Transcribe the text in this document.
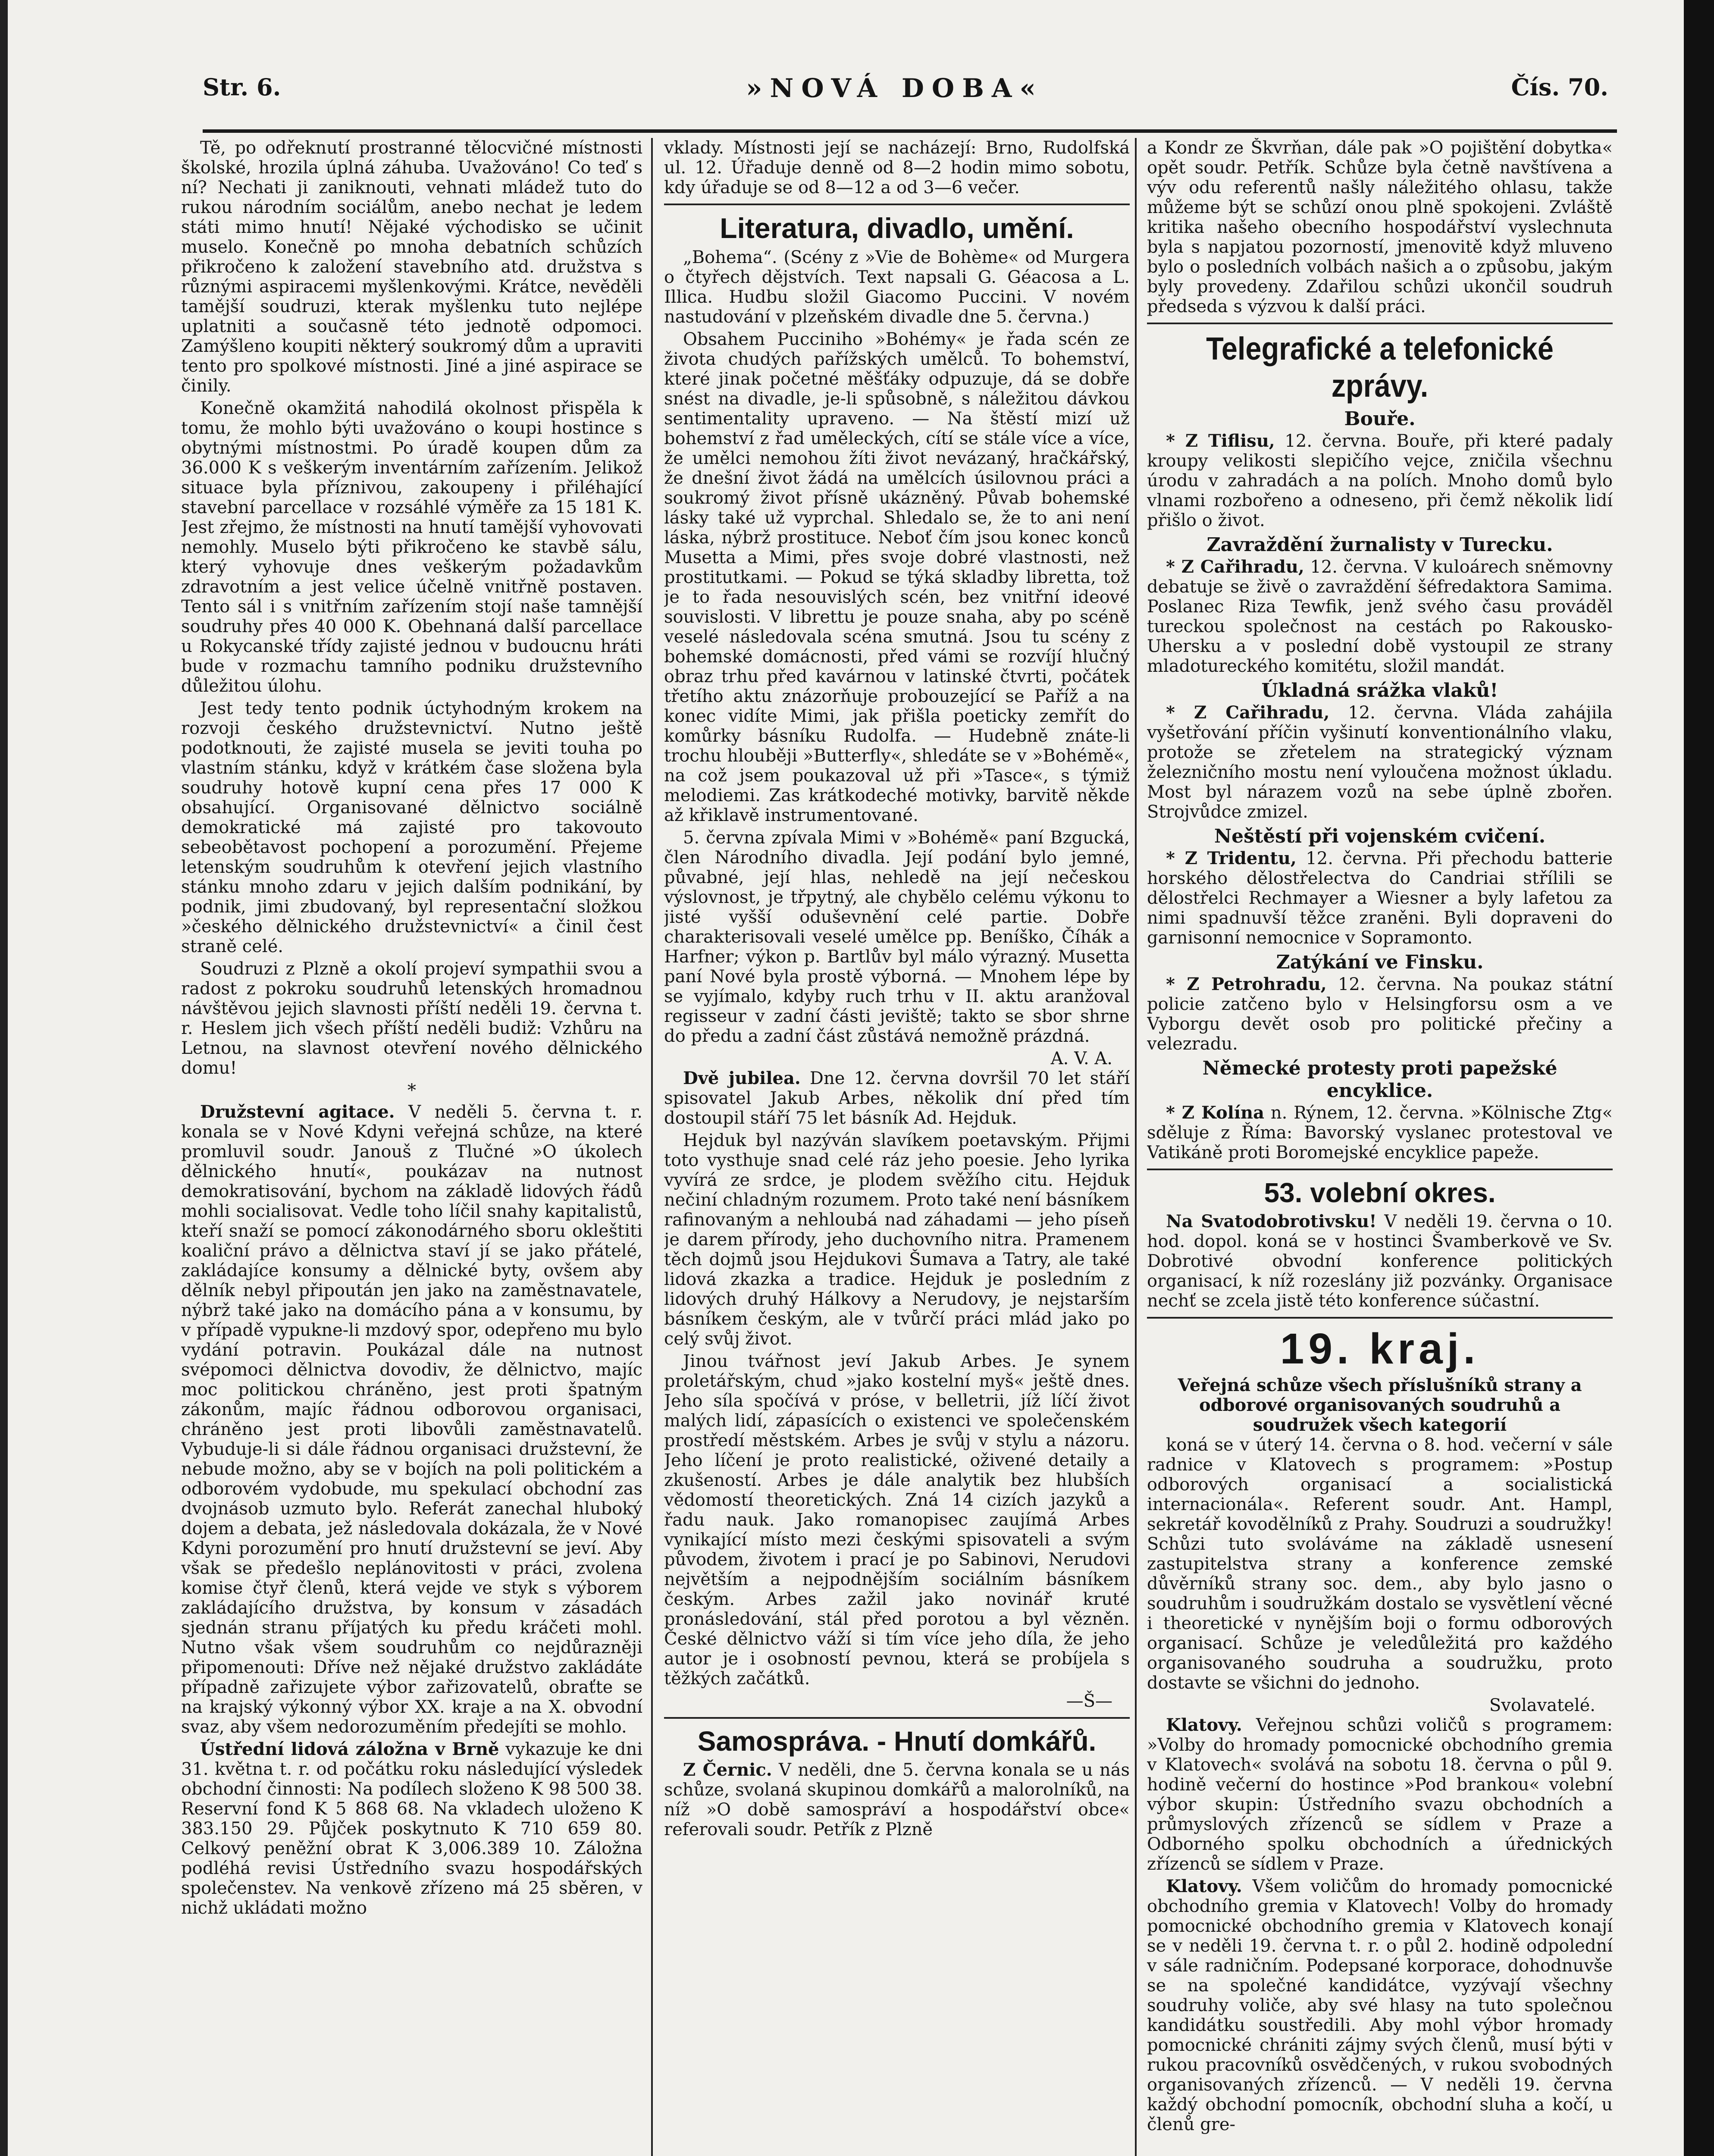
Str. 6.	»NOVÁ DOBA«	Čís. 70.

Tě, po odřeknutí prostranné tělocvičné místnosti školské, hrozila úplná záhuba. Uvažováno! Co teď s ní? Nechati ji zaniknouti, vehnati mládež tuto do rukou národním sociálům, anebo nechat je ledem státi mimo hnutí! Nějaké východisko se učinit muselo. Konečně po mnoha debatních schůzích přikročeno k založení stavebního atd. družstva s různými aspiracemi myšlenkovými. Krátce, nevěděli tamější soudruzi, kterak myšlenku tuto nejlépe uplatniti a současně této jednotě odpomoci. Zamýšleno koupiti některý soukromý dům a upraviti tento pro spolkové místnosti. Jiné a jiné aspirace se činily.

Konečně okamžitá nahodilá okolnost přispěla k tomu, že mohlo býti uvažováno o koupi hostince s obytnými místnostmi. Po úradě koupen dům za 36.000 K s veškerým inventárním zařízením. Jelikož situace byla příznivou, zakoupeny i přiléhající stavební parcellace v rozsáhlé výměře za 15 181 K. Jest zřejmo, že místnosti na hnutí tamější vyhovovati nemohly. Muselo býti přikročeno ke stavbě sálu, který vyhovuje dnes veškerým požadavkům zdravotním a jest velice účelně vnitřně postaven. Tento sál i s vnitřním zařízením stojí naše tamnější soudruhy přes 40 000 K. Obehnaná další parcellace u Rokycanské třídy zajisté jednou v budoucnu hráti bude v rozmachu tamního podniku družstevního důležitou úlohu.

Jest tedy tento podnik úctyhodným krokem na rozvoji českého družstevnictví. Nutno ještě podotknouti, že zajisté musela se jeviti touha po vlastním stánku, když v krátkém čase složena byla soudruhy hotově kupní cena přes 17 000 K obsahující. Organisované dělnictvo sociálně demokratické má zajisté pro takovouto sebeobětavost pochopení a porozumění. Přejeme letenským soudruhům k otevření jejich vlastního stánku mnoho zdaru v jejich dalším podnikání, by podnik, jimi zbudovaný, byl representační složkou »českého dělnického družstevnictví« a činil čest straně celé.

Soudruzi z Plzně a okolí projeví sympathii svou a radost z pokroku soudruhů letenských hromadnou návštěvou jejich slavnosti příští neděli 19. června t. r. Heslem jich všech příští neděli budiž: Vzhůru na Letnou, na slavnost otevření nového dělnického domu!

*

Družstevní agitace. V neděli 5. června t. r. konala se v Nové Kdyni veřejná schůze, na které promluvil soudr. Janouš z Tlučné »O úkolech dělnického hnutí«, poukázav na nutnost demokratisování, bychom na základě lidových řádů mohli socialisovat. Vedle toho líčil snahy kapitalistů, kteří snaží se pomocí zákonodárného sboru okleštiti koaliční právo a dělnictva staví jí se jako přátelé, zakládajíce konsumy a dělnické byty, ovšem aby dělník nebyl připoután jen jako na zaměstnavatele, nýbrž také jako na domácího pána a v konsumu, by v případě vypukne-li mzdový spor, odepřeno mu bylo vydání potravin. Poukázal dále na nutnost svépomoci dělnictva dovodiv, že dělnictvo, majíc moc politickou chráněno, jest proti špatným zákonům, majíc řádnou odborovou organisaci, chráněno jest proti libovůli zaměstnavatelů. Vybuduje-li si dále řádnou organisaci družstevní, že nebude možno, aby se v bojích na poli politickém a odborovém vydobude, mu spekulací obchodní zas dvojnásob uzmuto bylo. Referát zanechal hluboký dojem a debata, jež následovala dokázala, že v Nové Kdyni porozumění pro hnutí družstevní se jeví. Aby však se předešlo neplánovitosti v práci, zvolena komise čtyř členů, která vejde ve styk s výborem zakládajícího družstva, by konsum v zásadách sjednán stranu příjatých ku předu kráčeti mohl. Nutno však všem soudruhům co nejdůrazněji připomenouti: Dříve než nějaké družstvo zakládáte případně zařizujete výbor zařizovatelů, obraťte se na krajský výkonný výbor XX. kraje a na X. obvodní svaz, aby všem nedorozuměním předejíti se mohlo.

Ústřední lidová záložna v Brně vykazuje ke dni 31. května t. r. od počátku roku následující výsledek obchodní činnosti: Na podílech složeno K 98 500 38. Reservní fond K 5 868 68. Na vkladech uloženo K 383.150 29. Půjček poskytnuto K 710 659 80. Celkový peněžní obrat K 3,006.389 10. Záložna podléhá revisi Ústředního svazu hospodářských společenstev. Na venkově zřízeno má 25 sběren, v nichž ukládati možno

vklady. Místnosti její se nacházejí: Brno, Rudolfská ul. 12. Úřaduje denně od 8—2 hodin mimo sobotu, kdy úřaduje se od 8—12 a od 3—6 večer.

Literatura, divadlo, umění.

„Bohema“. (Scény z »Vie de Bohème« od Murgera o čtyřech dějstvích. Text napsali G. Géacosa a L. Illica. Hudbu složil Giacomo Puccini. V novém nastudování v plzeňském divadle dne 5. června.)

Obsahem Pucciniho »Bohémy« je řada scén ze života chudých pařížských umělců. To bohemství, které jinak početné měšťáky odpuzuje, dá se dobře snést na divadle, je-li spůsobně, s náležitou dávkou sentimentality upraveno. — Na štěstí mizí už bohemství z řad uměleckých, cítí se stále více a více, že umělci nemohou žíti život nevázaný, hračkářský, že dnešní život žádá na umělcích úsilovnou práci a soukromý život přísně ukázněný. Půvab bohemské lásky také už vyprchal. Shledalo se, že to ani není láska, nýbrž prostituce. Neboť čím jsou konec konců Musetta a Mimi, přes svoje dobré vlastnosti, než prostitutkami. — Pokud se týká skladby libretta, tož je to řada nesouvislých scén, bez vnitřní ideové souvislosti. V librettu je pouze snaha, aby po scéně veselé následovala scéna smutná. Jsou tu scény z bohemské domácnosti, před vámi se rozvíjí hlučný obraz trhu před kavárnou v latinské čtvrti, počátek třetího aktu znázorňuje probouzející se Paříž a na konec vidíte Mimi, jak přišla poeticky zemřít do komůrky básníku Rudolfa. — Hudebně znáte-li trochu hlouběji »Butterfly«, shledáte se v »Bohémě«, na což jsem poukazoval už při »Tasce«, s týmiž melodiemi. Zas krátkodeché motivky, barvitě někde až křiklavě instrumentované.

5. června zpívala Mimi v »Bohémě« paní Bzgucká, člen Národního divadla. Její podání bylo jemné, půvabné, její hlas, nehledě na její nečeskou výslovnost, je třpytný, ale chybělo celému výkonu to jisté vyšší oduševnění celé partie. Dobře charakterisovali veselé umělce pp. Beníško, Číhák a Harfner; výkon p. Bartlův byl málo výrazný. Musetta paní Nové byla prostě výborná. — Mnohem lépe by se vyjímalo, kdyby ruch trhu v II. aktu aranžoval regisseur v zadní části jeviště; takto se sbor shrne do předu a zadní část zůstává nemožně prázdná.

A. V. A.

Dvě jubilea. Dne 12. června dovršil 70 let stáří spisovatel Jakub Arbes, několik dní před tím dostoupil stáří 75 let básník Ad. Hejduk.

Hejduk byl nazýván slavíkem poetavským. Přijmi toto vysthuje snad celé ráz jeho poesie. Jeho lyrika vyvírá ze srdce, je plodem svěžího citu. Hejduk nečiní chladným rozumem. Proto také není básníkem rafinovaným a nehloubá nad záhadami — jeho píseň je darem přírody, jeho duchovního nitra. Pramenem těch dojmů jsou Hejdukovi Šumava a Tatry, ale také lidová zkazka a tradice. Hejduk je posledním z lidových druhý Hálkovy a Nerudovy, je nejstarším básníkem českým, ale v tvůrčí práci mlád jako po celý svůj život.

Jinou tvářnost jeví Jakub Arbes. Je synem proletářským, chud »jako kostelní myš« ještě dnes. Jeho síla spočívá v próse, v belletrii, jíž líčí život malých lidí, zápasících o existenci ve společenském prostředí městském. Arbes je svůj v stylu a názoru. Jeho líčení je proto realistické, oživené detaily a zkušeností. Arbes je dále analytik bez hlubších vědomostí theoretických. Zná 14 cizích jazyků a řadu nauk. Jako romanopisec zaujímá Arbes vynikající místo mezi českými spisovateli a svým původem, životem i prací je po Sabinovi, Nerudovi největším a nejpodnějším sociálním básníkem českým. Arbes zažil jako novinář kruté pronásledování, stál před porotou a byl vězněn. České dělnictvo váží si tím více jeho díla, že jeho autor je i osobností pevnou, která se probíjela s těžkých začátků.

—Š—
Samospráva. - Hnutí domkářů.

Z Černic. V neděli, dne 5. června konala se u nás schůze, svolaná skupinou domkářů a malorolníků, na níž »O době samospráví a hospodářství obce« referovali soudr. Petřík z Plzně

a Kondr ze Škvrňan, dále pak »O pojištění dobytka« opět soudr. Petřík. Schůze byla četně navštívena a výv odu referentů našly náležitého ohlasu, takže můžeme být se schůzí onou plně spokojeni. Zvláště kritika našeho obecního hospodářství vyslechnuta byla s napjatou pozorností, jmenovitě když mluveno bylo o posledních volbách našich a o způsobu, jakým byly provedeny. Zdařilou schůzi ukončil soudruh předseda s výzvou k další práci.

Telegrafické a telefonické zprávy.
Bouře.

* Z Tiflisu, 12. června. Bouře, při které padaly kroupy velikosti slepičího vejce, zničila všechnu úrodu v zahradách a na polích. Mnoho domů bylo vlnami rozbořeno a odneseno, při čemž několik lidí přišlo o život.

Zavraždění žurnalisty v Turecku.

* Z Cařihradu, 12. června. V kuloárech sněmovny debatuje se živě o zavraždění šéfredaktora Samima. Poslanec Riza Tewfik, jenž svého času prováděl tureckou společnost na cestách po Rakousko-Uhersku a v poslední době vystoupil ze strany mladotureckého komitétu, složil mandát.

Úkladná srážka vlaků!

* Z Cařihradu, 12. června. Vláda zahájila vyšetřování příčin vyšinutí konventionálního vlaku, protože se zřetelem na strategický význam železničního mostu není vyloučena možnost úkladu. Most byl nárazem vozů na sebe úplně zbořen. Strojvůdce zmizel.

Neštěstí při vojenském cvičení.

* Z Tridentu, 12. června. Při přechodu batterie horského dělostřelectva do Candriai střílili se dělostřelci Rechmayer a Wiesner a byly lafetou za nimi spadnuvší těžce zraněni. Byli dopraveni do garnisonní nemocnice v Sopramonto.

Zatýkání ve Finsku.

* Z Petrohradu, 12. června. Na poukaz státní policie zatčeno bylo v Helsingforsu osm a ve Vyborgu devět osob pro politické přečiny a velezradu.

Německé protesty proti papežské encyklice.

* Z Kolína n. Rýnem, 12. června. »Kölnische Ztg« sděluje z Říma: Bavorský vyslanec protestoval ve Vatikáně proti Boromejské encyklice papeže.

53. volební okres.

Na Svatodobrotivsku! V neděli 19. června o 10. hod. dopol. koná se v hostinci Švamberkově ve Sv. Dobrotivé obvodní konference politických organisací, k níž rozeslány již pozvánky. Organisace nechť se zcela jistě této konference súčastní.

19. kraj.
Veřejná schůze všech příslušníků strany a odborové organisovaných soudruhů a soudružek všech kategorií

koná se v úterý 14. června o 8. hod. večerní v sále radnice v Klatovech s programem: »Postup odborových organisací a socialistická internacionála«. Referent soudr. Ant. Hampl, sekretář kovodělníků z Prahy. Soudruzi a soudružky! Schůzi tuto svoláváme na základě usnesení zastupitelstva strany a konference zemské důvěrníků strany soc. dem., aby bylo jasno o soudruhům i soudružkám dostalo se vysvětlení věcné i theoretické v nynějším boji o formu odborových organisací. Schůze je veledůležitá pro každého organisovaného soudruha a soudružku, proto dostavte se všichni do jednoho.

Svolavatelé.

Klatovy. Veřejnou schůzi voličů s programem: »Volby do hromady pomocnické obchodního gremia v Klatovech« svolává na sobotu 18. června o půl 9. hodině večerní do hostince »Pod brankou« volební výbor skupin: Ústředního svazu obchodních a průmyslových zřízenců se sídlem v Praze a Odborného spolku obchodních a úřednických zřízenců se sídlem v Praze.

Klatovy. Všem voličům do hromady pomocnické obchodního gremia v Klatovech! Volby do hromady pomocnické obchodního gremia v Klatovech konají se v neděli 19. června t. r. o půl 2. hodině odpolední v sále radničním. Podepsané korporace, dohodnuvše se na společné kandidátce, vyzývají všechny soudruhy voliče, aby své hlasy na tuto společnou kandidátku soustředili. Aby mohl výbor hromady pomocnické chrániti zájmy svých členů, musí býti v rukou pracovníků osvědčených, v rukou svobodných organisovaných zřízenců. — V neděli 19. června každý obchodní pomocník, obchodní sluha a kočí, u členů gre-
